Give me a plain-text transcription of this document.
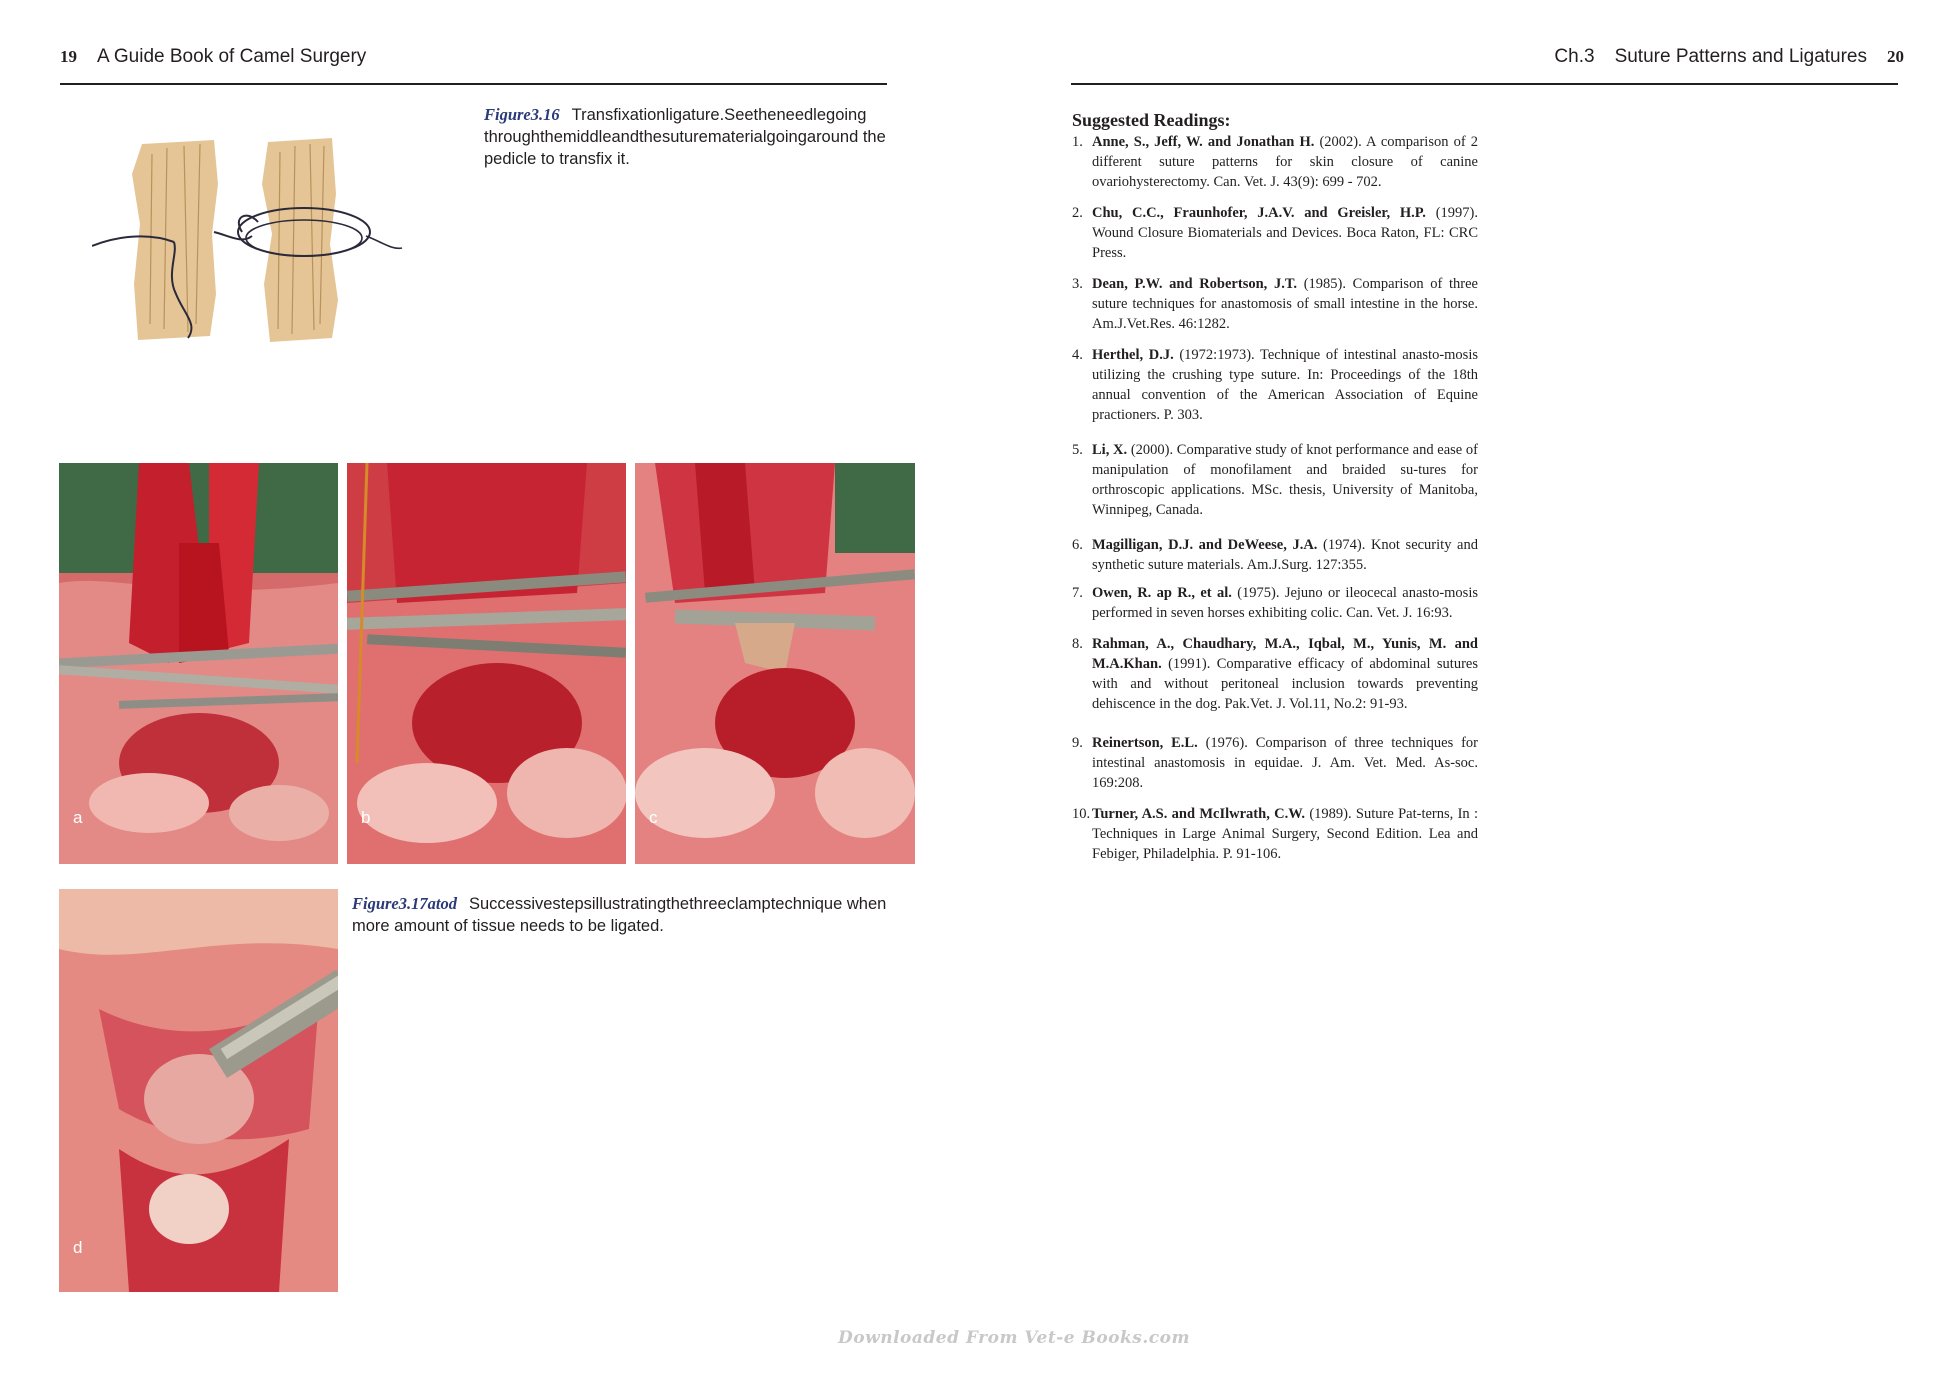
19 A Guide Book of Camel Surgery	Ch.3 Suture Patterns and Ligatures 20
Figure3.16 Transfixationligature.Seetheneedlegoing throughthemiddleandthesuturematerialgoingaround the pedicle to transfix it.
a	b	c
d
Figure3.17atod Successivestepsillustratingthethreeclamptechnique when more amount of tissue needs to be ligated.
Suggested Readings:
1. Anne, S., Jeff, W. and Jonathan H. (2002). A comparison of 2 different suture patterns for skin closure of canine ovariohysterectomy. Can. Vet. J. 43(9): 699 - 702.
2. Chu, C.C., Fraunhofer, J.A.V. and Greisler, H.P. (1997). Wound Closure Biomaterials and Devices. Boca Raton, FL: CRC Press.
3. Dean, P.W. and Robertson, J.T. (1985). Comparison of three suture techniques for anastomosis of small intestine in the horse. Am.J.Vet.Res. 46:1282.
4. Herthel, D.J. (1972:1973). Technique of intestinal anasto-mosis utilizing the crushing type suture. In: Proceedings of the 18th annual convention of the American Association of Equine practioners. P. 303.
5. Li, X. (2000). Comparative study of knot performance and ease of manipulation of monofilament and braided su-tures for orthroscopic applications. MSc. thesis, University of Manitoba, Winnipeg, Canada.
6. Magilligan, D.J. and DeWeese, J.A. (1974). Knot security and synthetic suture materials. Am.J.Surg. 127:355.
7. Owen, R. ap R., et al. (1975). Jejuno or ileocecal anasto-mosis performed in seven horses exhibiting colic. Can. Vet. J. 16:93.
8. Rahman, A., Chaudhary, M.A., Iqbal, M., Yunis, M. and M.A.Khan. (1991). Comparative efficacy of abdominal sutures with and without peritoneal inclusion towards preventing dehiscence in the dog. Pak.Vet. J. Vol.11, No.2: 91-93.
9. Reinertson, E.L. (1976). Comparison of three techniques for intestinal anastomosis in equidae. J. Am. Vet. Med. As-soc. 169:208.
10. Turner, A.S. and McIlwrath, C.W. (1989). Suture Pat-terns, In : Techniques in Large Animal Surgery, Second Edition. Lea and Febiger, Philadelphia. P. 91-106.
Downloaded From Vet-e Books.com
